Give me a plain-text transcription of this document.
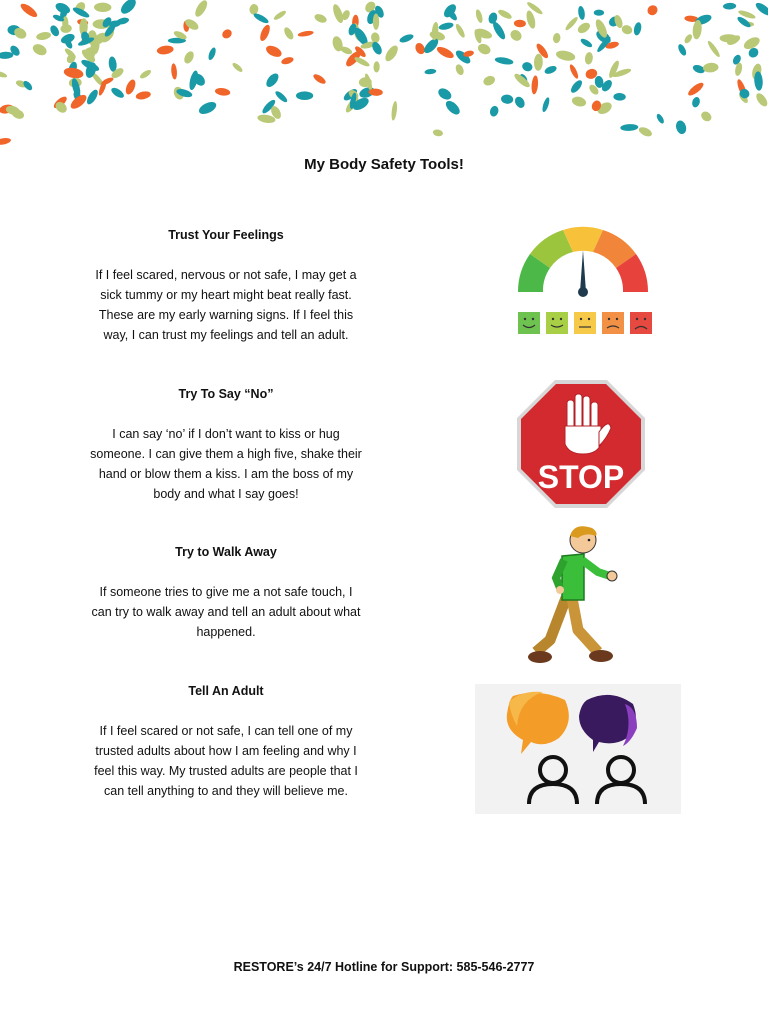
My Body Safety Tools!
Trust Your Feelings

If I feel scared, nervous or not safe, I may get a sick tummy or my heart might beat really fast. These are my early warning signs. If I feel this way, I can trust my feelings and tell an adult.

Try To Say “No”

I can say ‘no’ if I don’t want to kiss or hug someone. I can give them a high five, shake their hand or blow them a kiss. I am the boss of my body and what I say goes!

Try to Walk Away

If someone tries to give me a not safe touch, I can try to walk away and tell an adult about what happened.

Tell An Adult

If I feel scared or not safe, I can tell one of my trusted adults about how I am feeling and why I feel this way. My trusted adults are people that I can tell anything to and they will believe me.

STOP
RESTORE’s 24/7 Hotline for Support: 585-546-2777
